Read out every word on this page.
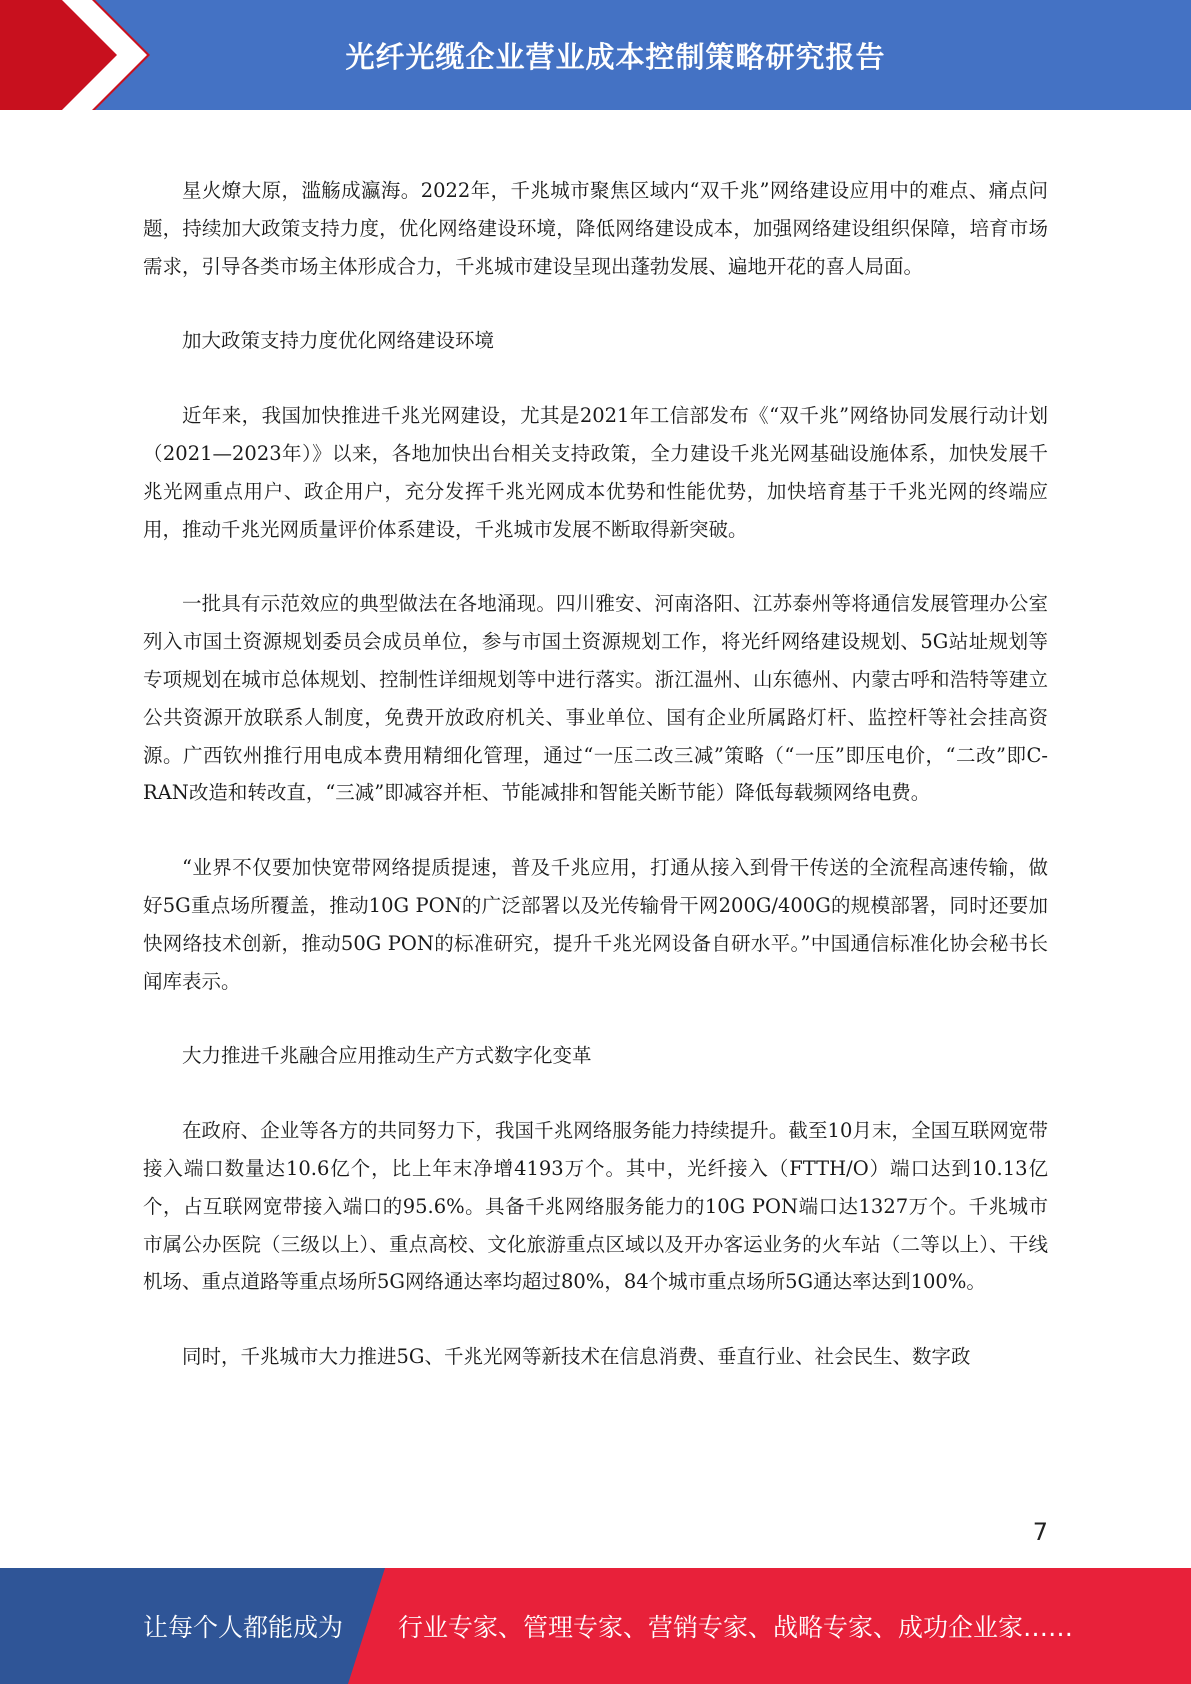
光纤光缆企业营业成本控制策略研究报告

星火燎大原，滥觞成瀛海。2022年，千兆城市聚焦区域内“双千兆”网络建设应用中的难点、痛点问题，持续加大政策支持力度，优化网络建设环境，降低网络建设成本，加强网络建设组织保障，培育市场需求，引导各类市场主体形成合力，千兆城市建设呈现出蓬勃发展、遍地开花的喜人局面。

加大政策支持力度优化网络建设环境

近年来，我国加快推进千兆光网建设，尤其是2021年工信部发布《“双千兆”网络协同发展行动计划（2021—2023年）》以来，各地加快出台相关支持政策，全力建设千兆光网基础设施体系，加快发展千兆光网重点用户、政企用户，充分发挥千兆光网成本优势和性能优势，加快培育基于千兆光网的终端应用，推动千兆光网质量评价体系建设，千兆城市发展不断取得新突破。

一批具有示范效应的典型做法在各地涌现。四川雅安、河南洛阳、江苏泰州等将通信发展管理办公室列入市国土资源规划委员会成员单位，参与市国土资源规划工作，将光纤网络建设规划、5G站址规划等专项规划在城市总体规划、控制性详细规划等中进行落实。浙江温州、山东德州、内蒙古呼和浩特等建立公共资源开放联系人制度，免费开放政府机关、事业单位、国有企业所属路灯杆、监控杆等社会挂高资源。广西钦州推行用电成本费用精细化管理，通过“一压二改三减”策略（“一压”即压电价，“二改”即C-RAN改造和转改直，“三减”即减容并柜、节能减排和智能关断节能）降低每载频网络电费。

“业界不仅要加快宽带网络提质提速，普及千兆应用，打通从接入到骨干传送的全流程高速传输，做好5G重点场所覆盖，推动10G PON的广泛部署以及光传输骨干网200G/400G的规模部署，同时还要加快网络技术创新，推动50G PON的标准研究，提升千兆光网设备自研水平。”中国通信标准化协会秘书长闻库表示。

大力推进千兆融合应用推动生产方式数字化变革

在政府、企业等各方的共同努力下，我国千兆网络服务能力持续提升。截至10月末，全国互联网宽带接入端口数量达10.6亿个，比上年末净增4193万个。其中，光纤接入（FTTH/O）端口达到10.13亿个，占互联网宽带接入端口的95.6%。具备千兆网络服务能力的10G PON端口达1327万个。千兆城市市属公办医院（三级以上）、重点高校、文化旅游重点区域以及开办客运业务的火车站（二等以上）、干线机场、重点道路等重点场所5G网络通达率均超过80%，84个城市重点场所5G通达率达到100%。

同时，千兆城市大力推进5G、千兆光网等新技术在信息消费、垂直行业、社会民生、数字政

7
让每个人都能成为 行业专家、管理专家、营销专家、战略专家、成功企业家……
